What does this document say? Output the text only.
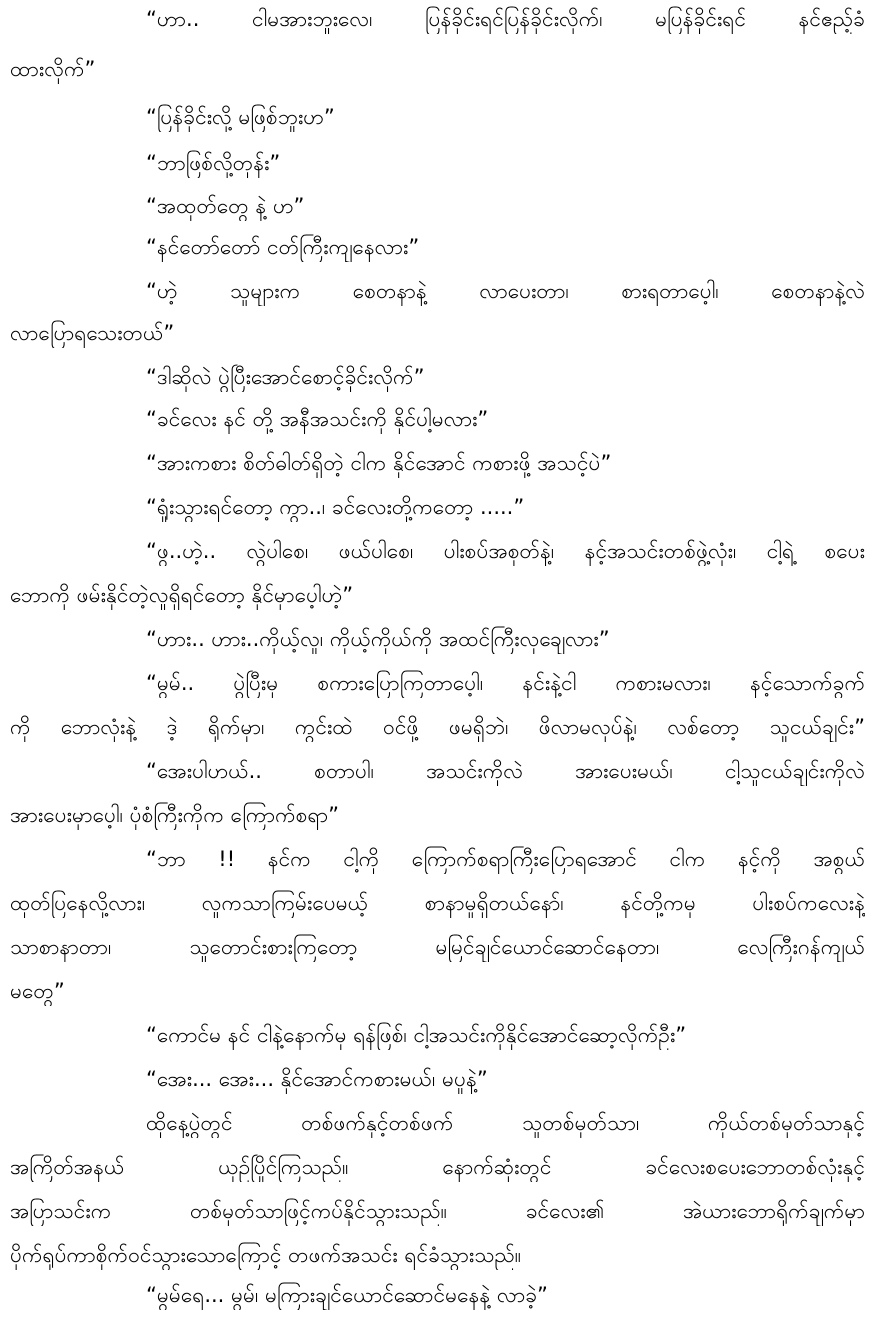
“ဟာ.. ငါမအားဘူးလေ၊ ပြန်ခိုင်းရင်ပြန်ခိုင်းလိုက်၊ မပြန်ခိုင်းရင် နင်ဧည့်ခံ
ထားလိုက်”
“ပြန်ခိုင်းလို့ မဖြစ်ဘူးဟ”
“ဘာဖြစ်လို့တုန်း”
“အထုတ်တွေ နဲ့ ဟ”
“နင်တော်တော် ငတ်ကြီးကျနေလား”
“ဟဲ့ သူများက စေတနာနဲ့ လာပေးတာ၊ စားရတာပေ့ါ၊ စေတနာနဲ့လဲ
လာပြောရသေးတယ်”
“ဒါဆိုလဲ ပွဲပြီးအောင်စောင့်ခိုင်းလိုက်”
“ခင်လေး နင် တို့ အနီအသင်းကို နိုင်ပါ့မလား”
“အားကစား စိတ်ဓါတ်ရှိတဲ့ ငါက နိုင်အောင် ကစားဖို့ အသင့်ပဲ”
“ရှုံးသွားရင်တော့ ကွာ..၊ ခင်လေးတို့ကတော့ .....”
“ဖွ..ဟဲ့.. လွဲပါစေ၊ ဖယ်ပါစေ၊ ပါးစပ်အစုတ်နဲ့၊ နင့်အသင်းတစ်ဖွဲ့လုံး၊ ငါ့ရဲ့ စပေး
ဘောကို ဖမ်းနိုင်တဲ့လူရှိရင်တော့ နိုင်မှာပေ့ါဟဲ့”
“ဟား.. ဟား..ကိုယ့်လူ၊ ကိုယ့်ကိုယ်ကို အထင်ကြီးလှချေလား”
“မွမ်.. ပွဲပြီးမှ စကားပြောကြတာပေ့ါ၊ နင်းနဲ့ငါ ကစားမလား၊ နင့်သောက်ခွက်
ကို ဘောလုံးနဲ့ ဒဲ့ ရိုက်မှာ၊ ကွင်းထဲ ဝင်ဖို့ ဖမရှိဘဲ၊ ဖိလာမလုပ်နဲ့၊ လစ်တော့ သူငယ်ချင်း”
“အေးပါဟယ်.. စတာပါ၊ အသင်းကိုလဲ အားပေးမယ်၊ ငါ့သူငယ်ချင်းကိုလဲ
အားပေးမှာပေ့ါ၊ ပုံစံကြီးကိုက ကြောက်စရာ”
“ဘာ !! နင်က ငါ့ကို ကြောက်စရာကြီးပြောရအောင် ငါက နင့်ကို အစွယ်
ထုတ်ပြနေလို့လား၊ လူကသာကြမ်းပေမယ့် စာနာမှုရှိတယ်နော်၊ နင်တို့ကမှ ပါးစပ်ကလေးနဲ့
သာစာနာတာ၊ သူတောင်းစားကြတော့ မမြင်ချင်ယောင်ဆောင်နေတာ၊ လေကြီးဂန်ကျယ်
မတွေ”
“ကောင်မ နင် ငါနဲ့နောက်မှ ရန်ဖြစ်၊ ငါ့အသင်းကိုနိုင်အောင်ဆော့လိုက်ဦး”
“အေး... အေး... နိုင်အောင်ကစားမယ်၊ မပူနဲ့”
ထိုနေ့ပွဲတွင် တစ်ဖက်နှင့်တစ်ဖက် သူတစ်မှတ်သာ၊ ကိုယ်တစ်မှတ်သာနှင့်
အကြိတ်အနယ် ယှဉ်ပြိုင်ကြသည်။ နောက်ဆုံးတွင် ခင်လေးစပေးဘောတစ်လုံးနှင့်
အပြာသင်းက တစ်မှတ်သာဖြင့်ကပ်နိုင်သွားသည်။ ခင်လေး၏ အဲယားဘောရိုက်ချက်မှာ
ပိုက်ရုပ်ကာစိုက်ဝင်သွားသောကြောင့် တဖက်အသင်း ရင်ခံသွားသည်။
“မွမ်ရေ... မွမ်၊ မကြားချင်ယောင်ဆောင်မနေနဲ့ လာခဲ့”
